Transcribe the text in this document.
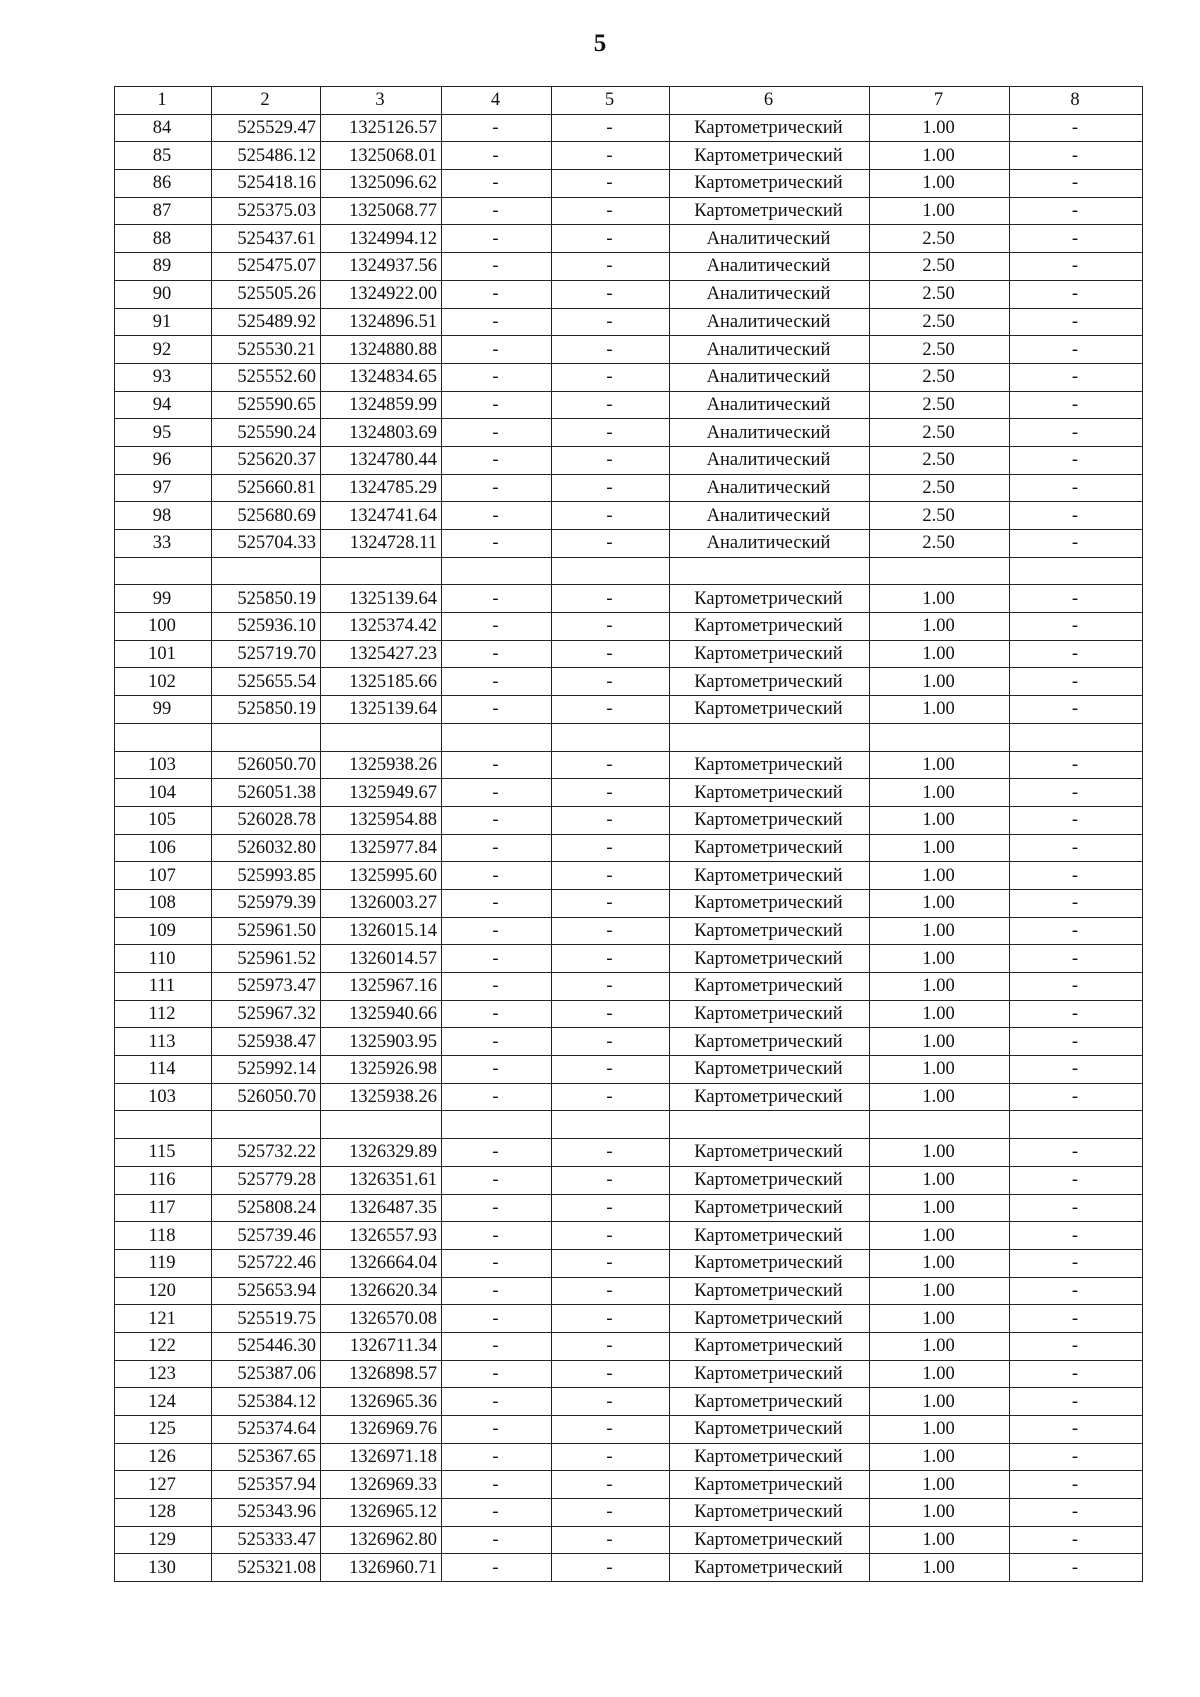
5
1	2	3	4	5	6	7	8
84	525529.47	1325126.57	-	-	Картометрический	1.00	-
85	525486.12	1325068.01	-	-	Картометрический	1.00	-
86	525418.16	1325096.62	-	-	Картометрический	1.00	-
87	525375.03	1325068.77	-	-	Картометрический	1.00	-
88	525437.61	1324994.12	-	-	Аналитический	2.50	-
89	525475.07	1324937.56	-	-	Аналитический	2.50	-
90	525505.26	1324922.00	-	-	Аналитический	2.50	-
91	525489.92	1324896.51	-	-	Аналитический	2.50	-
92	525530.21	1324880.88	-	-	Аналитический	2.50	-
93	525552.60	1324834.65	-	-	Аналитический	2.50	-
94	525590.65	1324859.99	-	-	Аналитический	2.50	-
95	525590.24	1324803.69	-	-	Аналитический	2.50	-
96	525620.37	1324780.44	-	-	Аналитический	2.50	-
97	525660.81	1324785.29	-	-	Аналитический	2.50	-
98	525680.69	1324741.64	-	-	Аналитический	2.50	-
33	525704.33	1324728.11	-	-	Аналитический	2.50	-

99	525850.19	1325139.64	-	-	Картометрический	1.00	-
100	525936.10	1325374.42	-	-	Картометрический	1.00	-
101	525719.70	1325427.23	-	-	Картометрический	1.00	-
102	525655.54	1325185.66	-	-	Картометрический	1.00	-
99	525850.19	1325139.64	-	-	Картометрический	1.00	-

103	526050.70	1325938.26	-	-	Картометрический	1.00	-
104	526051.38	1325949.67	-	-	Картометрический	1.00	-
105	526028.78	1325954.88	-	-	Картометрический	1.00	-
106	526032.80	1325977.84	-	-	Картометрический	1.00	-
107	525993.85	1325995.60	-	-	Картометрический	1.00	-
108	525979.39	1326003.27	-	-	Картометрический	1.00	-
109	525961.50	1326015.14	-	-	Картометрический	1.00	-
110	525961.52	1326014.57	-	-	Картометрический	1.00	-
111	525973.47	1325967.16	-	-	Картометрический	1.00	-
112	525967.32	1325940.66	-	-	Картометрический	1.00	-
113	525938.47	1325903.95	-	-	Картометрический	1.00	-
114	525992.14	1325926.98	-	-	Картометрический	1.00	-
103	526050.70	1325938.26	-	-	Картометрический	1.00	-

115	525732.22	1326329.89	-	-	Картометрический	1.00	-
116	525779.28	1326351.61	-	-	Картометрический	1.00	-
117	525808.24	1326487.35	-	-	Картометрический	1.00	-
118	525739.46	1326557.93	-	-	Картометрический	1.00	-
119	525722.46	1326664.04	-	-	Картометрический	1.00	-
120	525653.94	1326620.34	-	-	Картометрический	1.00	-
121	525519.75	1326570.08	-	-	Картометрический	1.00	-
122	525446.30	1326711.34	-	-	Картометрический	1.00	-
123	525387.06	1326898.57	-	-	Картометрический	1.00	-
124	525384.12	1326965.36	-	-	Картометрический	1.00	-
125	525374.64	1326969.76	-	-	Картометрический	1.00	-
126	525367.65	1326971.18	-	-	Картометрический	1.00	-
127	525357.94	1326969.33	-	-	Картометрический	1.00	-
128	525343.96	1326965.12	-	-	Картометрический	1.00	-
129	525333.47	1326962.80	-	-	Картометрический	1.00	-
130	525321.08	1326960.71	-	-	Картометрический	1.00	-
